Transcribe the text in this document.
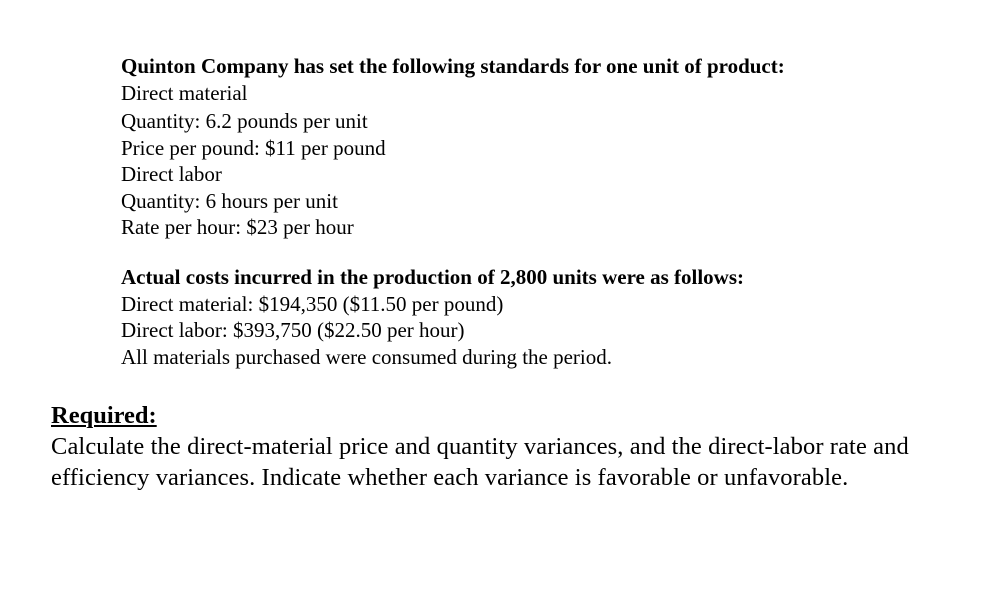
Quinton Company has set the following standards for one unit of product:
Direct material
Quantity: 6.2 pounds per unit
Price per pound: $11 per pound
Direct labor
Quantity: 6 hours per unit
Rate per hour: $23 per hour
Actual costs incurred in the production of 2,800 units were as follows:
Direct material: $194,350 ($11.50 per pound)
Direct labor: $393,750 ($22.50 per hour)
All materials purchased were consumed during the period.
Required:
Calculate the direct-material price and quantity variances, and the direct-labor rate and efficiency variances. Indicate whether each variance is favorable or unfavorable.
